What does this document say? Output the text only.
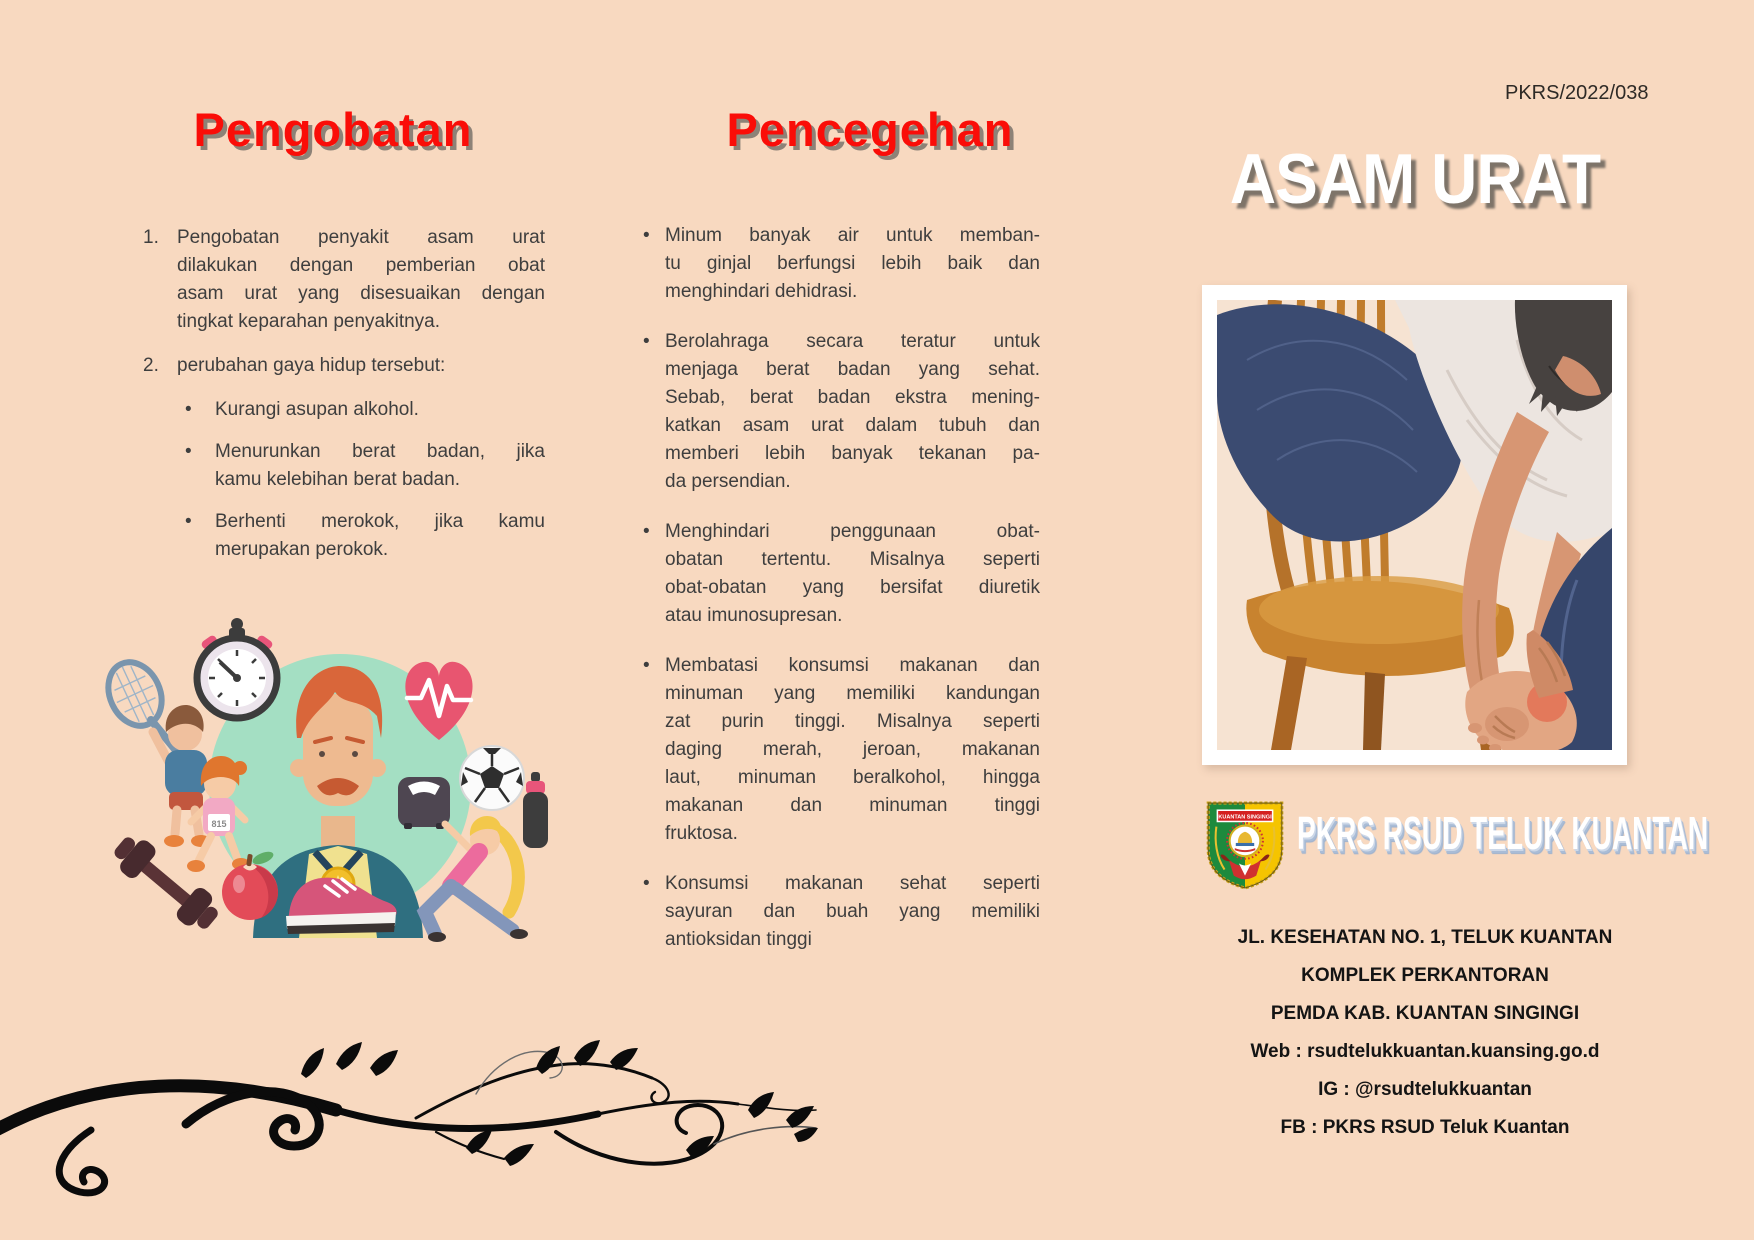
Pengobatan
1. Pengobatan penyakit asam urat
dilakukan dengan pemberian obat
asam urat yang disesuaikan dengan
tingkat keparahan penyakitnya.
2. perubahan gaya hidup tersebut:
• Kurangi asupan alkohol.
• Menurunkan berat badan, jika
kamu kelebihan berat badan.
• Berhenti merokok, jika kamu
merupakan perokok.
815
Pencegehan
• Minum banyak air untuk memban-
tu ginjal berfungsi lebih baik dan
menghindari dehidrasi.
• Berolahraga secara teratur untuk
menjaga berat badan yang sehat.
Sebab, berat badan ekstra mening-
katkan asam urat dalam tubuh dan
memberi lebih banyak tekanan pa-
da persendian.
• Menghindari penggunaan obat-
obatan tertentu. Misalnya seperti
obat-obatan yang bersifat diuretik
atau imunosupresan.
• Membatasi konsumsi makanan dan
minuman yang memiliki kandungan
zat purin tinggi. Misalnya seperti
daging merah, jeroan, makanan
laut, minuman beralkohol, hingga
makanan dan minuman tinggi
fruktosa.
• Konsumsi makanan sehat seperti
sayuran dan buah yang memiliki
antioksidan tinggi
PKRS/2022/038
ASAM URAT
KUANTAN SINGINGI PKRS RSUD TELUK KUANTAN
JL. KESEHATAN NO. 1, TELUK KUANTAN
KOMPLEK PERKANTORAN
PEMDA KAB. KUANTAN SINGINGI
Web : rsudtelukkuantan.kuansing.go.d
IG : @rsudtelukkuantan
FB : PKRS RSUD Teluk Kuantan
